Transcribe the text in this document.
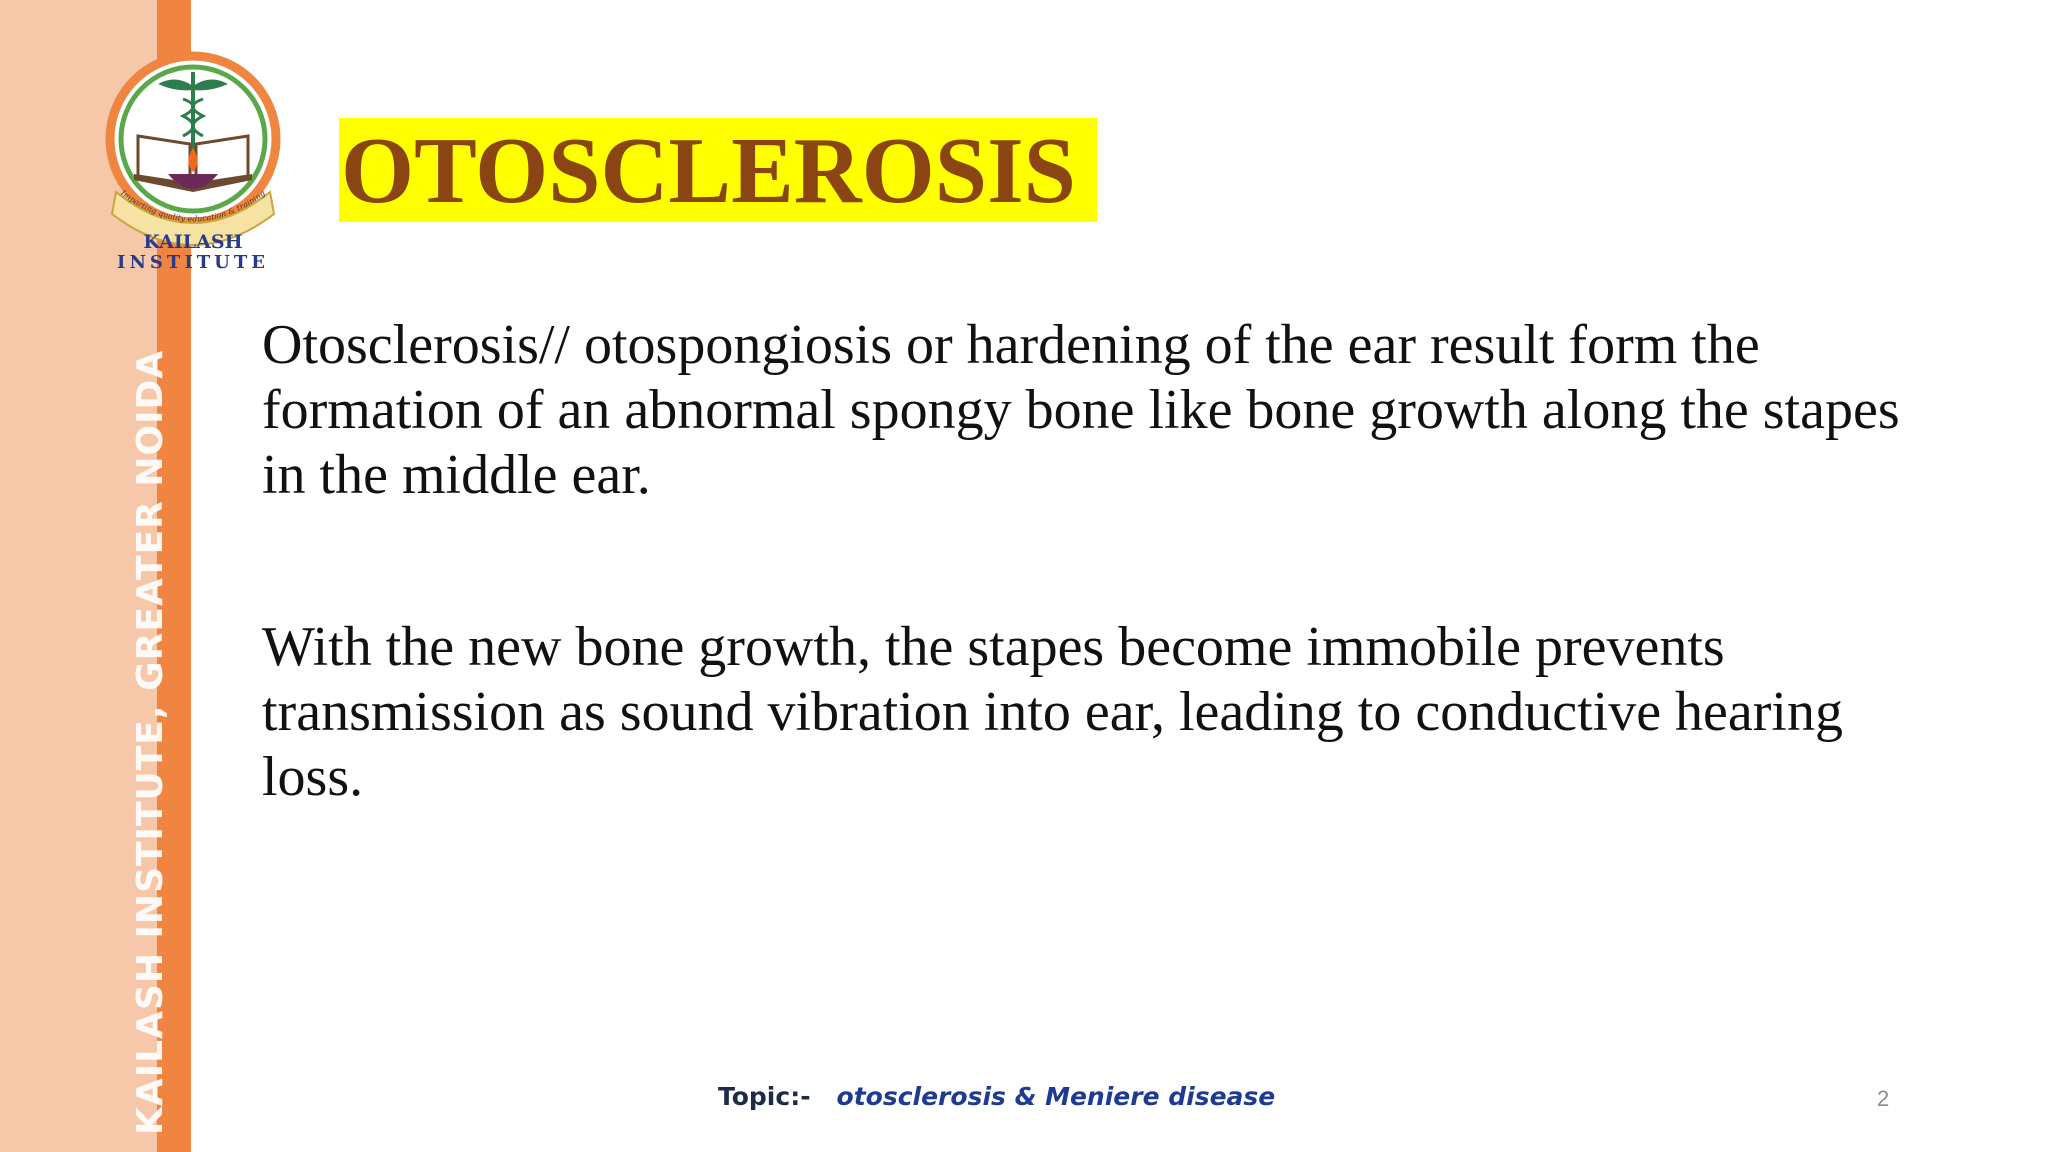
KAILASH INSTITUTE, GREATER NOIDA
Imparting quality education & training
KAILASH
INSTITUTE
OTOSCLEROSIS

Otosclerosis// otospongiosis or hardening of the ear result form the formation of an abnormal spongy bone like bone growth along the stapes in the middle ear.

With the new bone growth, the stapes become immobile prevents transmission as sound vibration into ear, leading to conductive hearing loss.

Topic:- otosclerosis & Meniere disease	2
